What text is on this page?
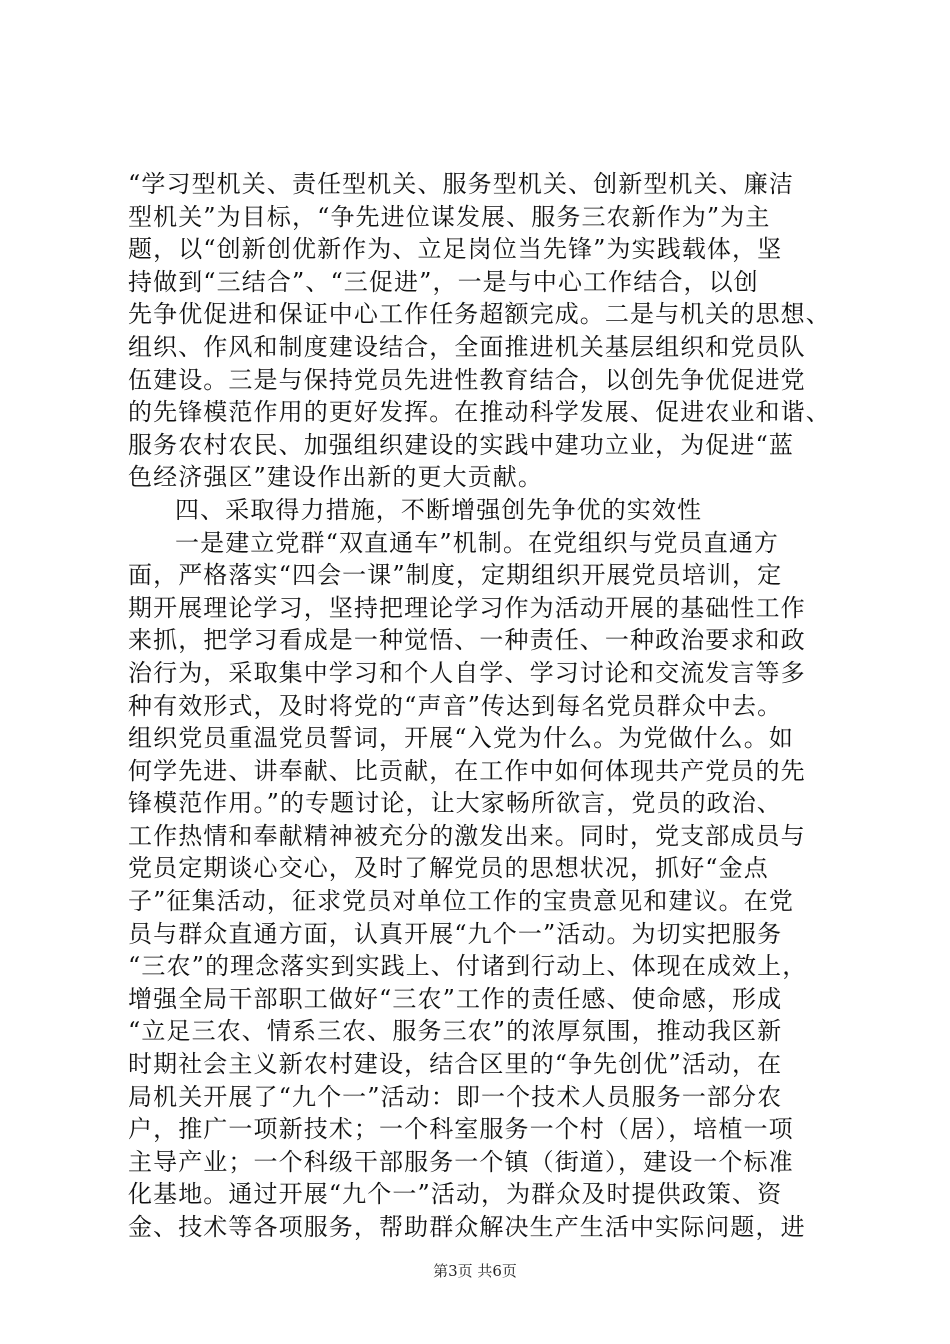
“学习型机关、责任型机关、服务型机关、创新型机关、廉洁
型机关”为目标，“争先进位谋发展、服务三农新作为”为主
题，以“创新创优新作为、立足岗位当先锋”为实践载体，坚
持做到“三结合”、“三促进”，一是与中心工作结合，以创
先争优促进和保证中心工作任务超额完成。二是与机关的思想、
组织、作风和制度建设结合，全面推进机关基层组织和党员队
伍建设。三是与保持党员先进性教育结合，以创先争优促进党
的先锋模范作用的更好发挥。在推动科学发展、促进农业和谐、
服务农村农民、加强组织建设的实践中建功立业，为促进“蓝
色经济强区”建设作出新的更大贡献。
四、采取得力措施，不断增强创先争优的实效性
一是建立党群“双直通车”机制。在党组织与党员直通方
面，严格落实“四会一课”制度，定期组织开展党员培训，定
期开展理论学习，坚持把理论学习作为活动开展的基础性工作
来抓，把学习看成是一种觉悟、一种责任、一种政治要求和政
治行为，采取集中学习和个人自学、学习讨论和交流发言等多
种有效形式，及时将党的“声音”传达到每名党员群众中去。
组织党员重温党员誓词，开展“入党为什么。为党做什么。如
何学先进、讲奉献、比贡献，在工作中如何体现共产党员的先
锋模范作用。”的专题讨论，让大家畅所欲言，党员的政治、
工作热情和奉献精神被充分的激发出来。同时，党支部成员与
党员定期谈心交心，及时了解党员的思想状况，抓好“金点
子”征集活动，征求党员对单位工作的宝贵意见和建议。在党
员与群众直通方面，认真开展“九个一”活动。为切实把服务
“三农”的理念落实到实践上、付诸到行动上、体现在成效上，
增强全局干部职工做好“三农”工作的责任感、使命感，形成
“立足三农、情系三农、服务三农”的浓厚氛围，推动我区新
时期社会主义新农村建设，结合区里的“争先创优”活动，在
局机关开展了“九个一”活动：即一个技术人员服务一部分农
户，推广一项新技术；一个科室服务一个村（居），培植一项
主导产业；一个科级干部服务一个镇（街道），建设一个标准
化基地。通过开展“九个一”活动，为群众及时提供政策、资
金、技术等各项服务，帮助群众解决生产生活中实际问题，进
第3页 共6页
